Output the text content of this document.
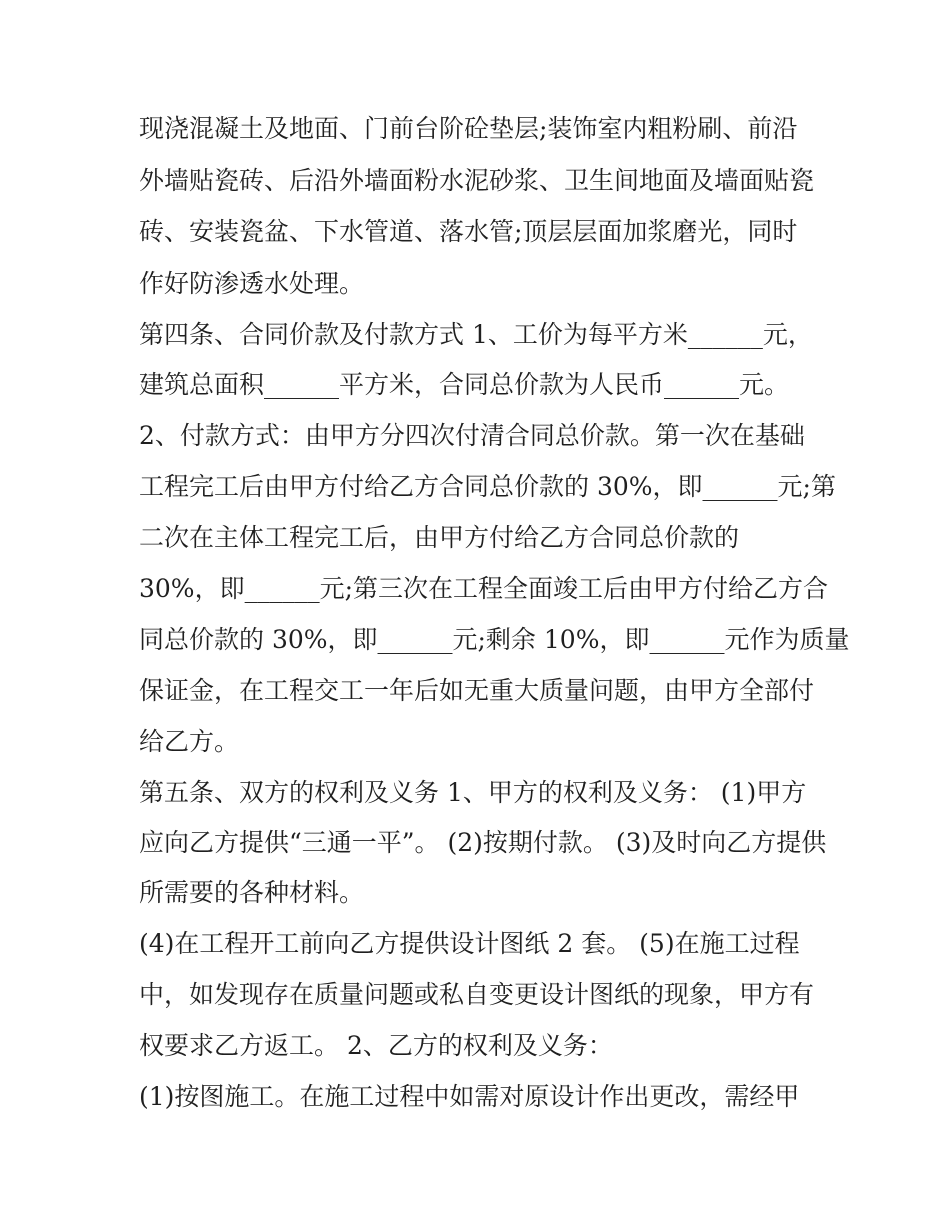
现浇混凝土及地面、门前台阶砼垫层;装饰室内粗粉刷、前沿
外墙贴瓷砖、后沿外墙面粉水泥砂浆、卫生间地面及墙面贴瓷
砖、安装瓷盆、下水管道、落水管;顶层层面加浆磨光，同时
作好防渗透水处理。
第四条、合同价款及付款方式 1、工价为每平方米______元，
建筑总面积______平方米，合同总价款为人民币______元。
2、付款方式：由甲方分四次付清合同总价款。第一次在基础
工程完工后由甲方付给乙方合同总价款的 30%，即______元;第
二次在主体工程完工后，由甲方付给乙方合同总价款的
30%，即______元;第三次在工程全面竣工后由甲方付给乙方合
同总价款的 30%，即______元;剩余 10%，即______元作为质量
保证金，在工程交工一年后如无重大质量问题，由甲方全部付
给乙方。
第五条、双方的权利及义务 1、甲方的权利及义务： (1)甲方
应向乙方提供“三通一平”。 (2)按期付款。 (3)及时向乙方提供
所需要的各种材料。
(4)在工程开工前向乙方提供设计图纸 2 套。 (5)在施工过程
中，如发现存在质量问题或私自变更设计图纸的现象，甲方有
权要求乙方返工。 2、乙方的权利及义务：
(1)按图施工。在施工过程中如需对原设计作出更改，需经甲
